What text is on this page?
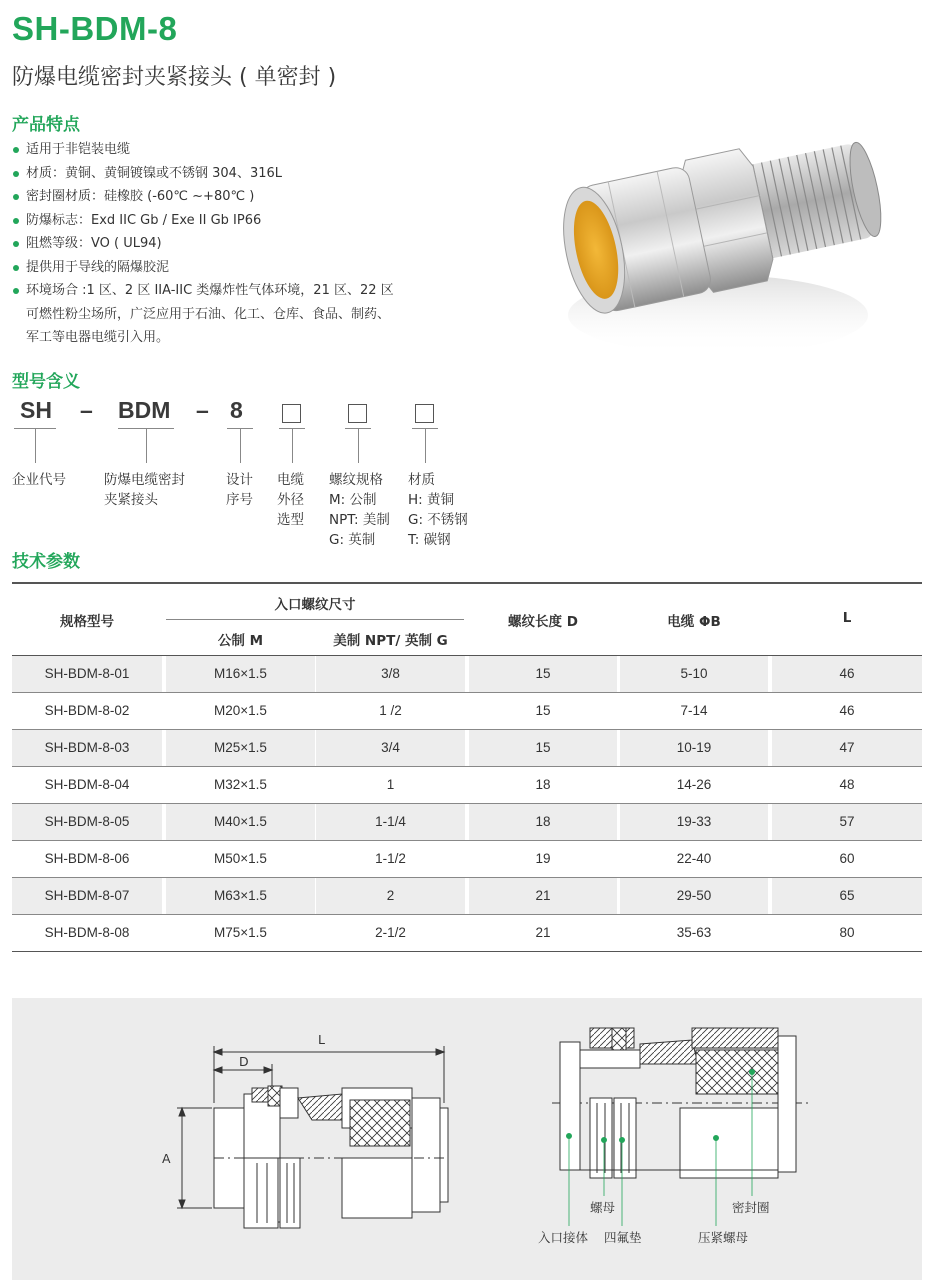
SH-BDM-8
防爆电缆密封夹紧接头 ( 单密封 )
产品特点
适用于非铠装电缆
材质：黄铜、黄铜镀镍或不锈钢 304、316L
密封圈材质：硅橡胶 (-60℃ ~+80℃ )
防爆标志：Exd IIC Gb / Exe II Gb IP66
阻燃等级：VO ( UL94)
提供用于导线的隔爆胶泥
环境场合 :1 区、2 区 IIA-IIC 类爆炸性气体环境，21 区、22 区
可燃性粉尘场所，广泛应用于石油、化工、仓库、食品、制药、
军工等电器电缆引入用。
型号含义
SH – BDM – 8
企业代号	防爆电缆密封
夹紧接头
设计
序号
电缆
外径
选型
螺纹规格
M: 公制
NPT: 美制
G: 英制
材质
H: 黄铜
G: 不锈钢
T: 碳钢
技术参数
规格型号
入口螺纹尺寸
公制 M	美制 NPT/ 英制 G
螺纹长度 D	电缆 ΦB	L
SH-BDM-8-01	M16×1.5	3/8	15	5-10	46
SH-BDM-8-02	M20×1.5	1 /2	15	7-14	46
SH-BDM-8-03	M25×1.5	3/4	15	10-19	47
SH-BDM-8-04	M32×1.5	1	18	14-26	48
SH-BDM-8-05	M40×1.5	1-1/4	18	19-33	57
SH-BDM-8-06	M50×1.5	1-1/2	19	22-40	60
SH-BDM-8-07	M63×1.5	2	21	29-50	65
SH-BDM-8-08	M75×1.5	2-1/2	21	35-63	80
L
D
A
螺母	密封圈
入口接体 四氟垫	压紧螺母
